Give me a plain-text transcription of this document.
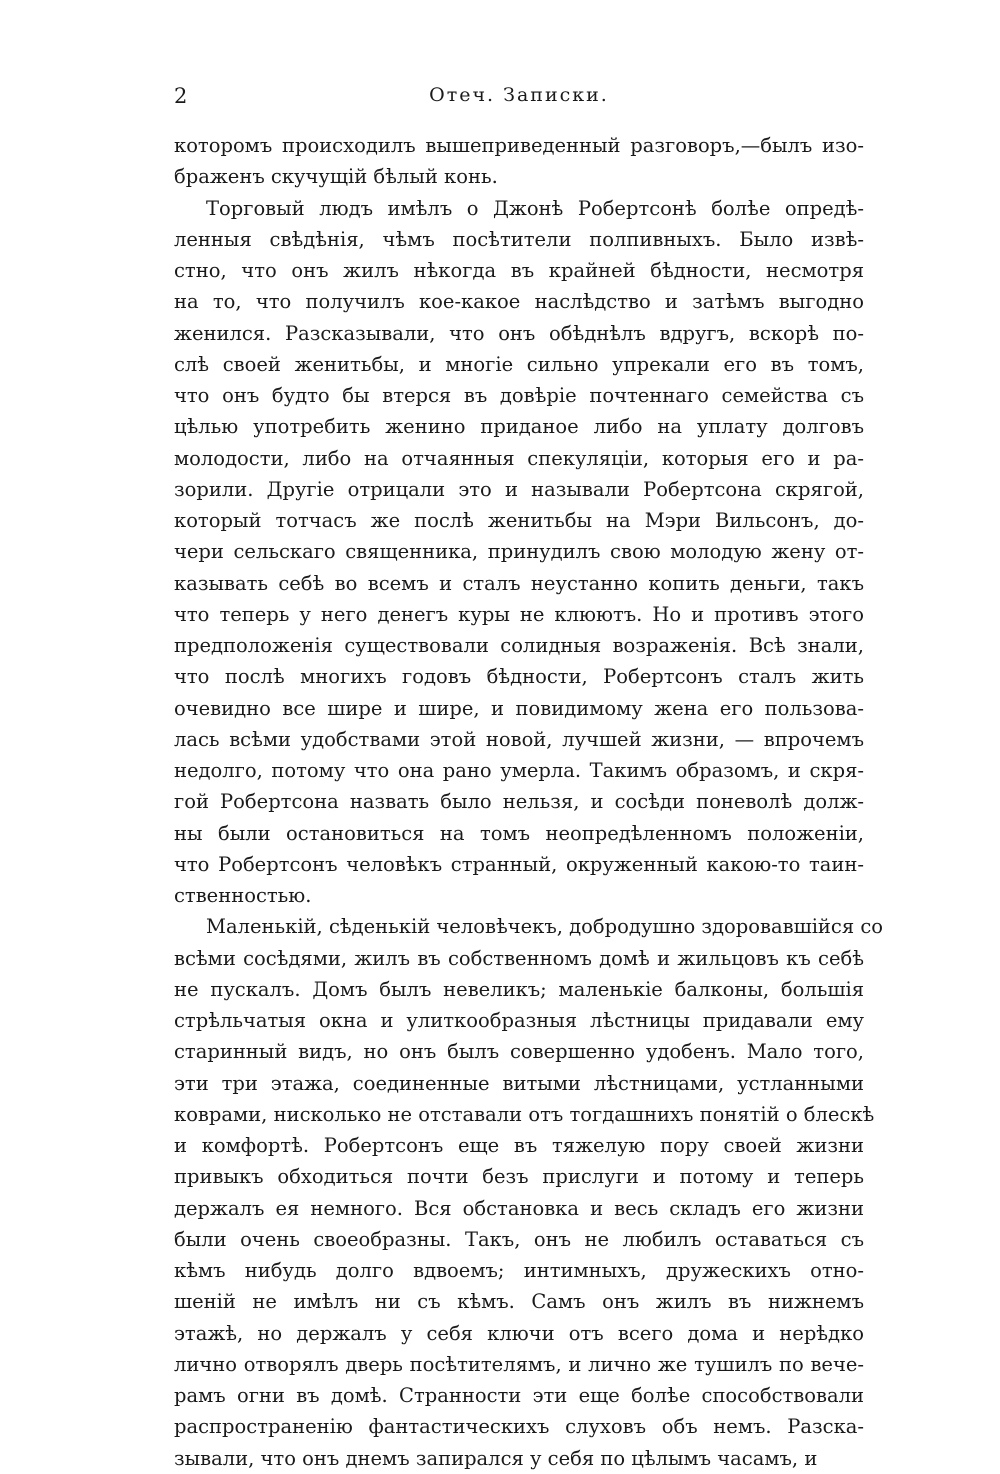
2	Отеч. Записки.
которомъ происходилъ вышеприведенный разговоръ,—былъ изо-
браженъ скучущій бѣлый конь.
Торговый людъ имѣлъ о Джонѣ Робертсонѣ болѣе опредѣ-
ленныя свѣдѣнія, чѣмъ посѣтители полпивныхъ. Было извѣ-
стно, что онъ жилъ нѣкогда въ крайней бѣдности, несмотря
на то, что получилъ кое-какое наслѣдство и затѣмъ выгодно
женился. Разсказывали, что онъ обѣднѣлъ вдругъ, вскорѣ по-
слѣ своей женитьбы, и многіе сильно упрекали его въ томъ,
что онъ будто бы втерся въ довѣріе почтеннаго семейства съ
цѣлью употребить женино приданое либо на уплату долговъ
молодости, либо на отчаянныя спекуляціи, которыя его и ра-
зорили. Другіе отрицали это и называли Робертсона скрягой,
который тотчасъ же послѣ женитьбы на Мэри Вильсонъ, до-
чери сельскаго священника, принудилъ свою молодую жену от-
казывать себѣ во всемъ и сталъ неустанно копить деньги, такъ
что теперь у него денегъ куры не клюютъ. Но и противъ этого
предположенія существовали солидныя возраженія. Всѣ знали,
что послѣ многихъ годовъ бѣдности, Робертсонъ сталъ жить
очевидно все шире и шире, и повидимому жена его пользова-
лась всѣми удобствами этой новой, лучшей жизни, — впрочемъ
недолго, потому что она рано умерла. Такимъ образомъ, и скря-
гой Робертсона назвать было нельзя, и сосѣди поневолѣ долж-
ны были остановиться на томъ неопредѣленномъ положеніи,
что Робертсонъ человѣкъ странный, окруженный какою-то таин-
ственностью.
Маленькій, сѣденькій человѣчекъ, добродушно здоровавшійся со
всѣми сосѣдями, жилъ въ собственномъ домѣ и жильцовъ къ себѣ
не пускалъ. Домъ былъ невеликъ; маленькіе балконы, большія
стрѣльчатыя окна и улиткообразныя лѣстницы придавали ему
старинный видъ, но онъ былъ совершенно удобенъ. Мало того,
эти три этажа, соединенные витыми лѣстницами, устланными
коврами, нисколько не отставали отъ тогдашнихъ понятій о блескѣ
и комфортѣ. Робертсонъ еще въ тяжелую пору своей жизни
привыкъ обходиться почти безъ прислуги и потому и теперь
держалъ ея немного. Вся обстановка и весь складъ его жизни
были очень своеобразны. Такъ, онъ не любилъ оставаться съ
кѣмъ нибудь долго вдвоемъ; интимныхъ, дружескихъ отно-
шеній не имѣлъ ни съ кѣмъ. Самъ онъ жилъ въ нижнемъ
этажѣ, но держалъ у себя ключи отъ всего дома и нерѣдко
лично отворялъ дверь посѣтителямъ, и лично же тушилъ по вече-
рамъ огни въ домѣ. Странности эти еще болѣе способствовали
распространенію фантастическихъ слуховъ объ немъ. Разска-
зывали, что онъ днемъ запирался у себя по цѣлымъ часамъ, и
